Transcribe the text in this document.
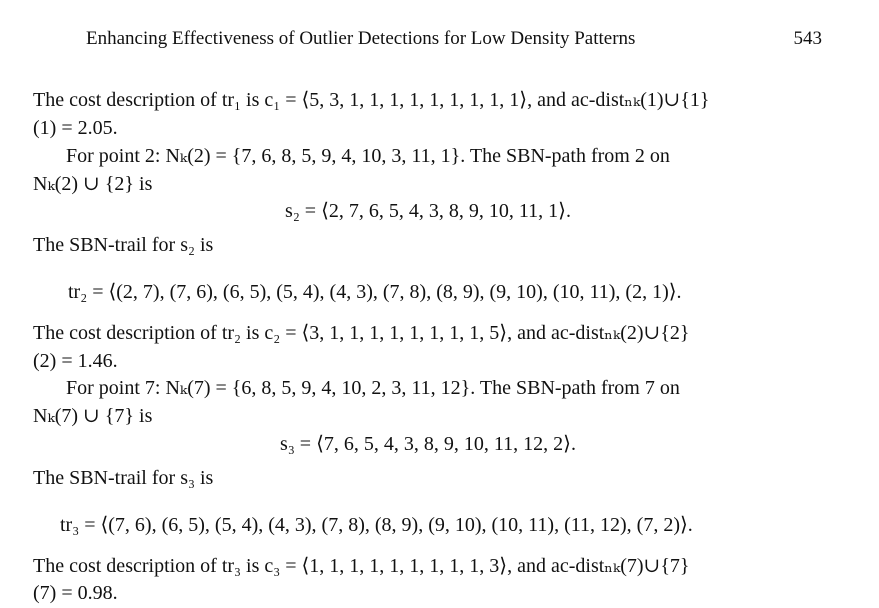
Enhancing Effectiveness of Outlier Detections for Low Density Patterns	543
The cost description of tr₁ is c₁ = ⟨5, 3, 1, 1, 1, 1, 1, 1, 1, 1, 1⟩, and ac-distₙₖ(1)∪{1}
(1) = 2.05.
For point 2: Nₖ(2) = {7, 6, 8, 5, 9, 4, 10, 3, 11, 1}. The SBN-path from 2 on
Nₖ(2) ∪ {2} is
s₂ = ⟨2, 7, 6, 5, 4, 3, 8, 9, 10, 11, 1⟩.
The SBN-trail for s₂ is
tr₂ = ⟨(2, 7), (7, 6), (6, 5), (5, 4), (4, 3), (7, 8), (8, 9), (9, 10), (10, 11), (2, 1)⟩.
The cost description of tr₂ is c₂ = ⟨3, 1, 1, 1, 1, 1, 1, 1, 1, 5⟩, and ac-distₙₖ(2)∪{2}
(2) = 1.46.
For point 7: Nₖ(7) = {6, 8, 5, 9, 4, 10, 2, 3, 11, 12}. The SBN-path from 7 on
Nₖ(7) ∪ {7} is
s₃ = ⟨7, 6, 5, 4, 3, 8, 9, 10, 11, 12, 2⟩.
The SBN-trail for s₃ is
tr₃ = ⟨(7, 6), (6, 5), (5, 4), (4, 3), (7, 8), (8, 9), (9, 10), (10, 11), (11, 12), (7, 2)⟩.
The cost description of tr₃ is c₃ = ⟨1, 1, 1, 1, 1, 1, 1, 1, 1, 3⟩, and ac-distₙₖ(7)∪{7}
(7) = 0.98.
